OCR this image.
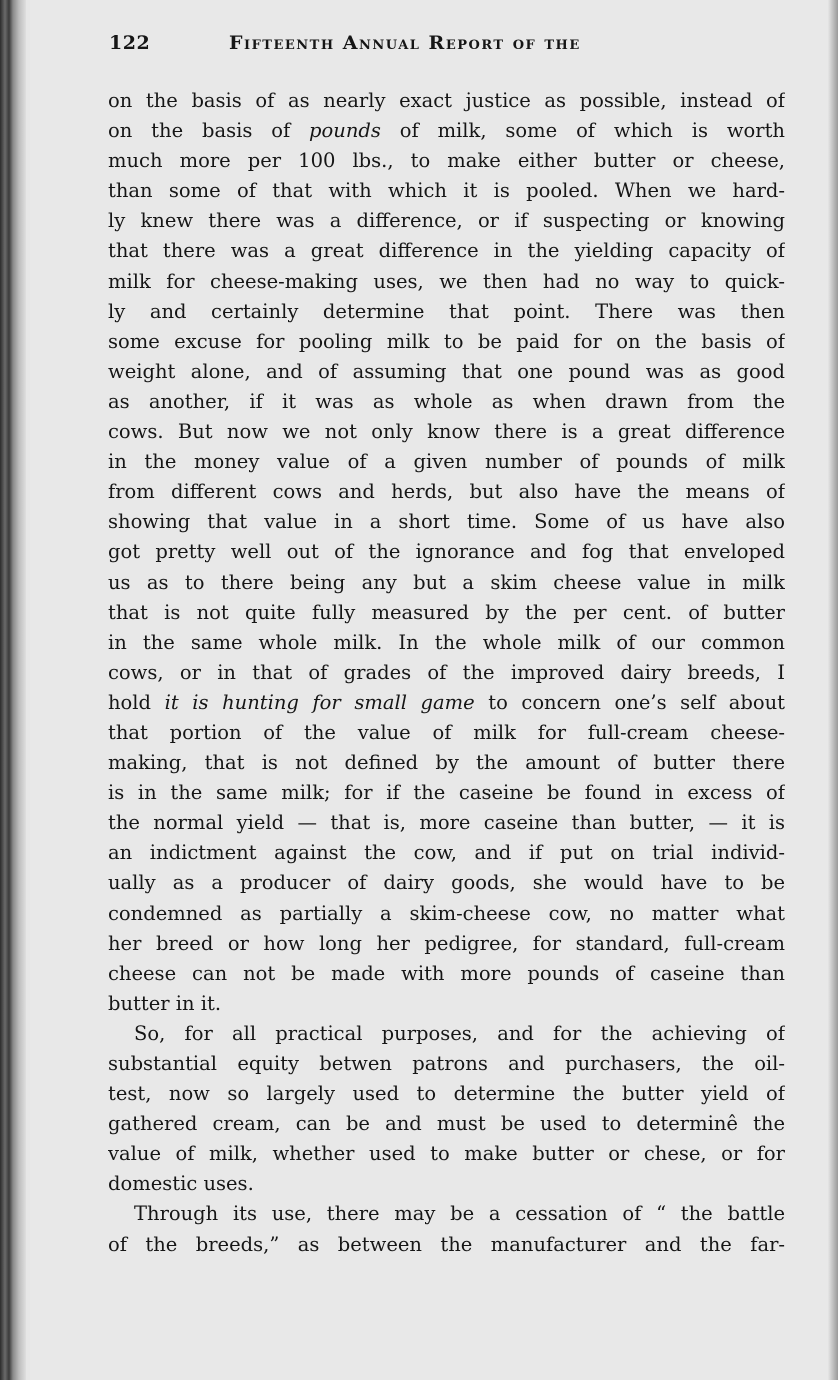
122	Fifteenth Annual Report of the
on the basis of as nearly exact justice as possible, instead of
on the basis of pounds of milk, some of which is worth
much more per 100 lbs., to make either butter or cheese,
than some of that with which it is pooled. When we hard-
ly knew there was a difference, or if suspecting or knowing
that there was a great difference in the yielding capacity of
milk for cheese-making uses, we then had no way to quick-
ly and certainly determine that point. There was then
some excuse for pooling milk to be paid for on the basis of
weight alone, and of assuming that one pound was as good
as another, if it was as whole as when drawn from the
cows. But now we not only know there is a great difference
in the money value of a given number of pounds of milk
from different cows and herds, but also have the means of
showing that value in a short time. Some of us have also
got pretty well out of the ignorance and fog that enveloped
us as to there being any but a skim cheese value in milk
that is not quite fully measured by the per cent. of butter
in the same whole milk. In the whole milk of our common
cows, or in that of grades of the improved dairy breeds, I
hold it is hunting for small game to concern one’s self about
that portion of the value of milk for full-cream cheese-
making, that is not defined by the amount of butter there
is in the same milk; for if the caseine be found in excess of
the normal yield — that is, more caseine than butter, — it is
an indictment against the cow, and if put on trial individ-
ually as a producer of dairy goods, she would have to be
condemned as partially a skim-cheese cow, no matter what
her breed or how long her pedigree, for standard, full-cream
cheese can not be made with more pounds of caseine than
butter in it.
So, for all practical purposes, and for the achieving of
substantial equity betwen patrons and purchasers, the oil-
test, now so largely used to determine the butter yield of
gathered cream, can be and must be used to determinê the
value of milk, whether used to make butter or chese, or for
domestic uses.
Through its use, there may be a cessation of “ the battle
of the breeds,” as between the manufacturer and the far-
